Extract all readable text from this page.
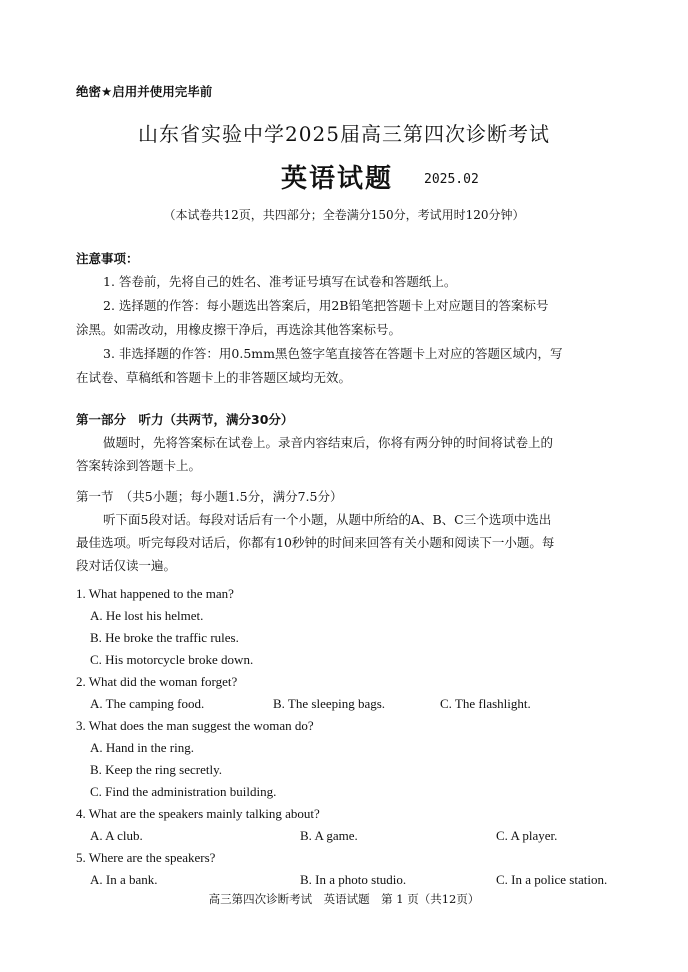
绝密★启用并使用完毕前
山东省实验中学2025届高三第四次诊断考试
英语试题 2025.02
（本试卷共12页，共四部分；全卷满分150分，考试用时120分钟）
注意事项：
1. 答卷前，先将自己的姓名、准考证号填写在试卷和答题纸上。
2. 选择题的作答：每小题选出答案后，用2B铅笔把答题卡上对应题目的答案标号
涂黑。如需改动，用橡皮擦干净后，再选涂其他答案标号。
3. 非选择题的作答：用0.5mm黑色签字笔直接答在答题卡上对应的答题区域内，写
在试卷、草稿纸和答题卡上的非答题区域均无效。
第一部分　听力（共两节，满分30分）
做题时，先将答案标在试卷上。录音内容结束后，你将有两分钟的时间将试卷上的
答案转涂到答题卡上。
第一节　（共5小题；每小题1.5分，满分7.5分）
听下面5段对话。每段对话后有一个小题，从题中所给的A、B、C三个选项中选出
最佳选项。听完每段对话后，你都有10秒钟的时间来回答有关小题和阅读下一小题。每
段对话仅读一遍。
1. What happened to the man?
A. He lost his helmet.
B. He broke the traffic rules.
C. His motorcycle broke down.
2. What did the woman forget?
A. The camping food.	B. The sleeping bags.	C. The flashlight.
3. What does the man suggest the woman do?
A. Hand in the ring.
B. Keep the ring secretly.
C. Find the administration building.
4. What are the speakers mainly talking about?
A. A club.	B. A game.	C. A player.
5. Where are the speakers?
A. In a bank.	B. In a photo studio.	C. In a police station.
高三第四次诊断考试　英语试题　第 1 页（共12页）
